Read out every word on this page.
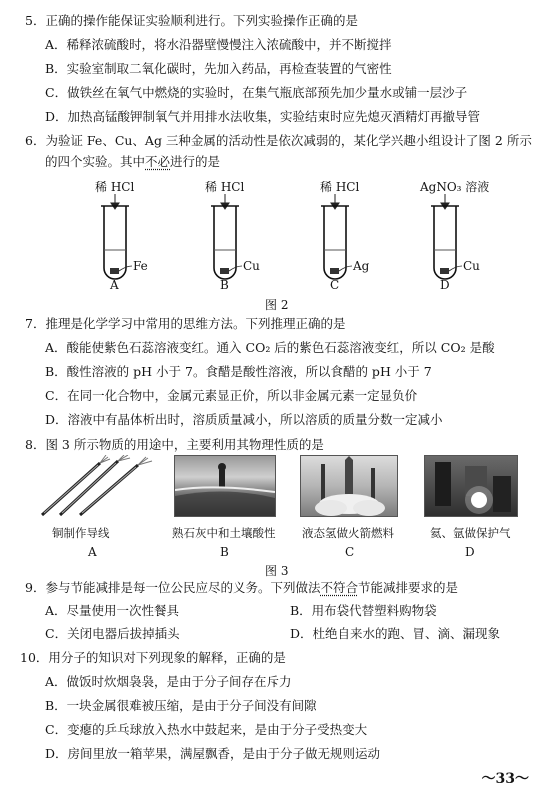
5．正确的操作能保证实验顺利进行。下列实验操作正确的是
A．稀释浓硫酸时，将水沿器壁慢慢注入浓硫酸中，并不断搅拌
B．实验室制取二氧化碳时，先加入药品，再检查装置的气密性
C．做铁丝在氧气中燃烧的实验时，在集气瓶底部预先加少量水或铺一层沙子
D．加热高锰酸钾制氧气并用排水法收集，实验结束时应先熄灭酒精灯再撤导管
6．为验证 Fe、Cu、Ag 三种金属的活动性是依次减弱的，某化学兴趣小组设计了图 2 所示
的四个实验。其中不必进行的是
稀 HCl	稀 HCl	稀 HCl	AgNO₃ 溶液
Fe	Cu	Ag	Cu
A	B	C	D
图 2
7．推理是化学学习中常用的思维方法。下列推理正确的是
A．酸能使紫色石蕊溶液变红。通入 CO₂ 后的紫色石蕊溶液变红，所以 CO₂ 是酸
B．酸性溶液的 pH 小于 7。食醋是酸性溶液，所以食醋的 pH 小于 7
C．在同一化合物中，金属元素显正价，所以非金属元素一定显负价
D．溶液中有晶体析出时，溶质质量减小，所以溶质的质量分数一定减小
8．图 3 所示物质的用途中，主要利用其物理性质的是
铜制作导线	熟石灰中和土壤酸性 液态氢做火箭燃料	氦、氩做保护气
A	B	C	D
图 3
9．参与节能减排是每一位公民应尽的义务。下列做法不符合节能减排要求的是
A．尽量使用一次性餐具	B．用布袋代替塑料购物袋
C．关闭电器后拔掉插头	D．杜绝自来水的跑、冒、滴、漏现象
10．用分子的知识对下列现象的解释，正确的是
A．做饭时炊烟袅袅，是由于分子间存在斥力
B．一块金属很难被压缩，是由于分子间没有间隙
C．变瘪的乒乓球放入热水中鼓起来，是由于分子受热变大
D．房间里放一箱苹果，满屋飘香，是由于分子做无规则运动
～33～
